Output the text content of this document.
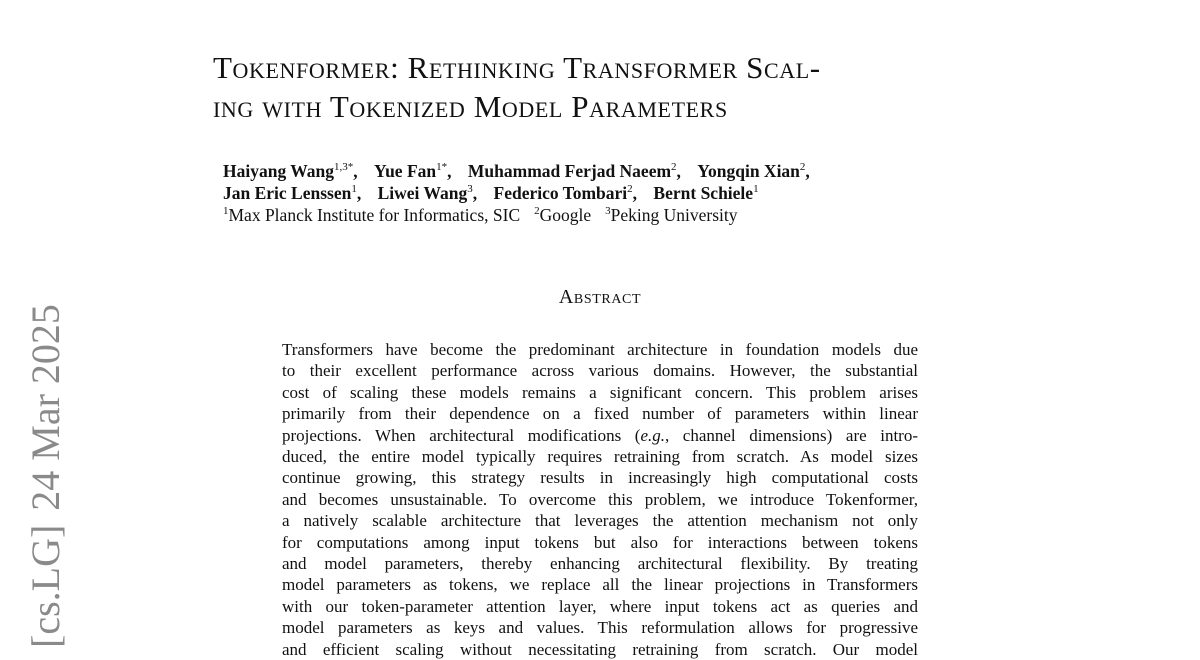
[cs.LG]24 Mar 2025
Tokenformer: Rethinking Transformer Scal-
ing with Tokenized Model Parameters
Haiyang Wang$^{1,3*}$, Yue Fan$^{1*}$, Muhammad Ferjad Naeem$^2$, Yongqin Xian$^2$,
Jan Eric Lenssen$^1$, Liwei Wang$^3$, Federico Tombari$^2$, Bernt Schiele$^1$
$^1$Max Planck Institute for Informatics, SIC $^2$Google $^3$Peking University
Abstract
Transformers have become the predominant architecture in foundation models due
to their excellent performance across various domains. However, the substantial
cost of scaling these models remains a significant concern. This problem arises
primarily from their dependence on a fixed number of parameters within linear
projections. When architectural modifications (e.g., channel dimensions) are intro-
duced, the entire model typically requires retraining from scratch. As model sizes
continue growing, this strategy results in increasingly high computational costs
and becomes unsustainable. To overcome this problem, we introduce Tokenformer,
a natively scalable architecture that leverages the attention mechanism not only
for computations among input tokens but also for interactions between tokens
and model parameters, thereby enhancing architectural flexibility. By treating
model parameters as tokens, we replace all the linear projections in Transformers
with our token-parameter attention layer, where input tokens act as queries and
model parameters as keys and values. This reformulation allows for progressive
and efficient scaling without necessitating retraining from scratch. Our model
